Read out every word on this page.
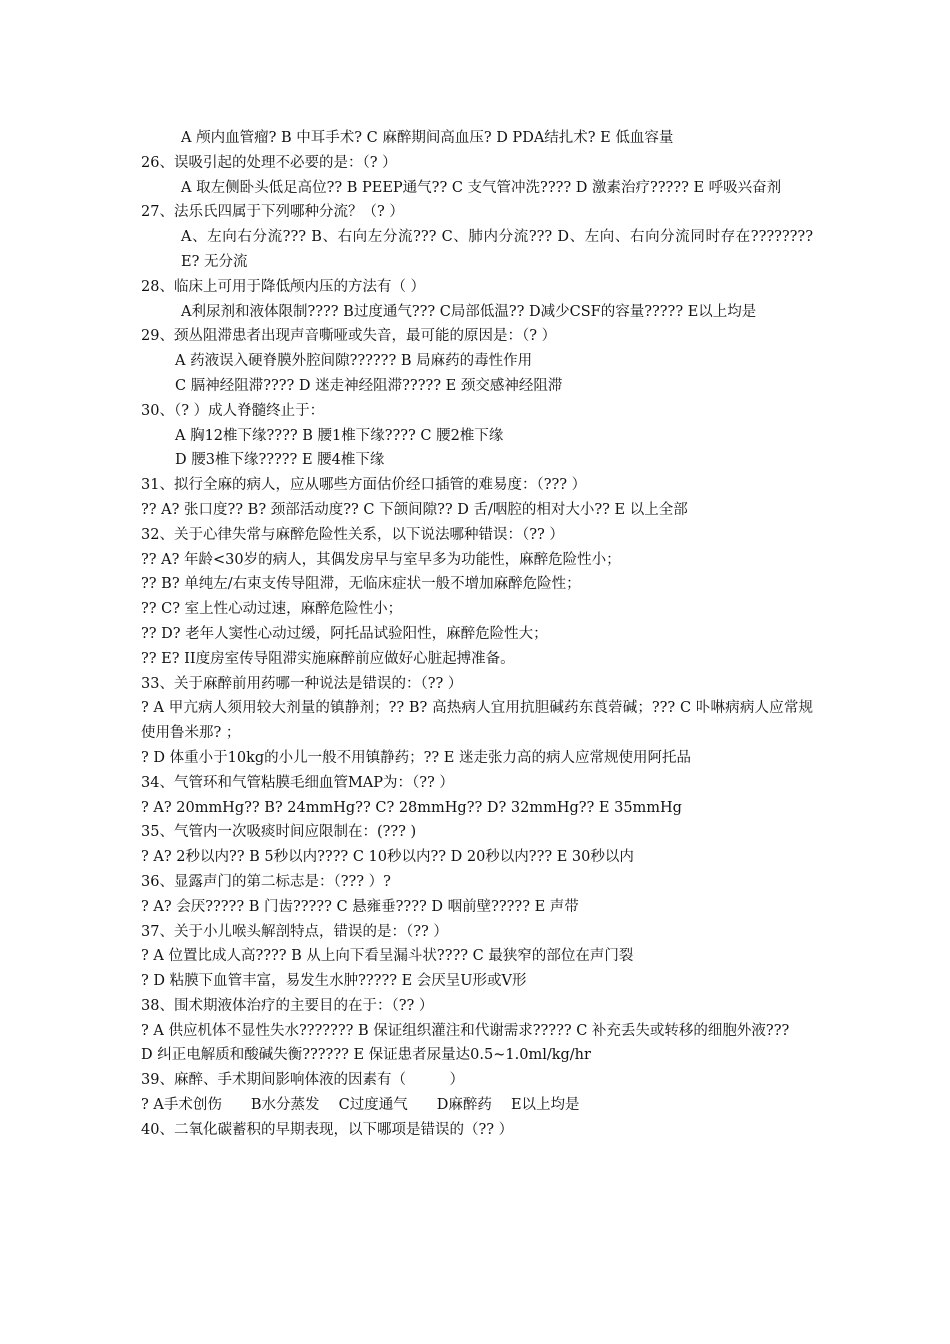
A 颅内血管瘤? B 中耳手术? C 麻醉期间高血压? D PDA结扎术? E 低血容量

26、误吸引起的处理不必要的是：（? ）

A 取左侧卧头低足高位?? B PEEP通气?? C 支气管冲洗???? D 激素治疗????? E 呼吸兴奋剂

27、法乐氏四属于下列哪种分流？（? ）

A、左向右分流??? B、右向左分流??? C、肺内分流??? D、左向、右向分流同时存在???????? E? 无分流

28、临床上可用于降低颅内压的方法有（ ）

A利尿剂和液体限制???? B过度通气??? C局部低温?? D减少CSF的容量????? E以上均是

29、颈丛阻滞患者出现声音嘶哑或失音，最可能的原因是：（? ）

A 药液误入硬脊膜外腔间隙?????? B 局麻药的毒性作用

C 膈神经阻滞???? D 迷走神经阻滞????? E 颈交感神经阻滞

30、（? ）成人脊髓终止于：

A 胸12椎下缘???? B 腰1椎下缘???? C 腰2椎下缘

D 腰3椎下缘????? E 腰4椎下缘

31、拟行全麻的病人，应从哪些方面估价经口插管的难易度：（??? ）

?? A? 张口度?? B? 颈部活动度?? C 下颌间隙?? D 舌/咽腔的相对大小?? E 以上全部

32、关于心律失常与麻醉危险性关系，以下说法哪种错误：（?? ）

?? A? 年龄<30岁的病人，其偶发房早与室早多为功能性，麻醉危险性小；

?? B? 单纯左/右束支传导阻滞，无临床症状一般不增加麻醉危险性；

?? C? 室上性心动过速，麻醉危险性小；

?? D? 老年人窦性心动过缓，阿托品试验阳性，麻醉危险性大；

?? E? II度房室传导阻滞实施麻醉前应做好心脏起搏准备。

33、关于麻醉前用药哪一种说法是错误的：（?? ）

? A 甲亢病人须用较大剂量的镇静剂；?? B? 高热病人宜用抗胆碱药东莨菪碱；??? C 卟啉病病人应常规使用鲁米那? ；

? D 体重小于10kg的小儿一般不用镇静药；?? E 迷走张力高的病人应常规使用阿托品

34、气管环和气管粘膜毛细血管MAP为：（?? ）

? A? 20mmHg?? B? 24mmHg?? C? 28mmHg?? D? 32mmHg?? E 35mmHg

35、气管内一次吸痰时间应限制在：(??? )

? A? 2秒以内?? B 5秒以内???? C 10秒以内?? D 20秒以内??? E 30秒以内

36、显露声门的第二标志是：（??? ）?

? A? 会厌????? B 门齿????? C 悬雍垂???? D 咽前壁????? E 声带

37、关于小儿喉头解剖特点，错误的是：（?? ）

? A 位置比成人高???? B 从上向下看呈漏斗状???? C 最狭窄的部位在声门裂

? D 粘膜下血管丰富，易发生水肿????? E 会厌呈U形或V形

38、围术期液体治疗的主要目的在于：（?? ）

? A 供应机体不显性失水??????? B 保证组织灌注和代谢需求????? C 补充丢失或转移的细胞外液???

D 纠正电解质和酸碱失衡?????? E 保证患者尿量达0.5~1.0ml/kg/hr

39、麻醉、手术期间影响体液的因素有（　　　）

? A手术创伤　　B水分蒸发　 C过度通气　　D麻醉药　 E以上均是

40、二氧化碳蓄积的早期表现，以下哪项是错误的（?? ）
